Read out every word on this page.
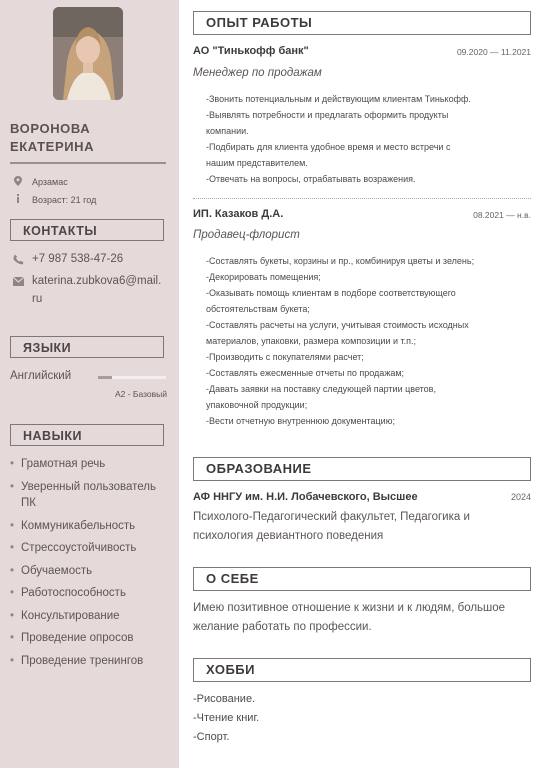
ВОРОНОВА
ЕКАТЕРИНА
Арзамас
Возраст: 21 год
КОНТАКТЫ
+7 987 538-47-26
katerina.zubkova6@mail.
ru
ЯЗЫКИ
Английский
A2 - Базовый
НАВЫКИ
• Грамотная речь
• Уверенный пользователь ПК
• Коммуникабельность
• Стрессоустойчивость
• Обучаемость
• Работоспособность
• Консультирование
• Проведение опросов
• Проведение тренингов
ОПЫТ РАБОТЫ
АО "Тинькофф банк"	09.2020 — 11.2021
Менеджер по продажам
-Звонить потенциальным и действующим клиентам Тинькофф.
-Выявлять потребности и предлагать оформить продукты
компании.
-Подбирать для клиента удобное время и место встречи с
нашим представителем.
-Отвечать на вопросы, отрабатывать возражения.
ИП. Казаков Д.А.	08.2021 — н.в.
Продавец-флорист
-Составлять букеты, корзины и пр., комбинируя цветы и зелень;
-Декорировать помещения;
-Оказывать помощь клиентам в подборе соответствующего
обстоятельствам букета;
-Составлять расчеты на услуги, учитывая стоимость исходных
материалов, упаковки, размера композиции и т.п.;
-Производить с покупателями расчет;
-Составлять ежесменные отчеты по продажам;
-Давать заявки на поставку следующей партии цветов,
упаковочной продукции;
-Вести отчетную внутреннюю документацию;
ОБРАЗОВАНИЕ
АФ ННГУ им. Н.И. Лобачевского, Высшее	2024
Психолого-Педагогический факультет, Педагогика и
психология девиантного поведения
О СЕБЕ
Имею позитивное отношение к жизни и к людям, большое
желание работать по профессии.
ХОББИ
-Рисование.
-Чтение книг.
-Спорт.
